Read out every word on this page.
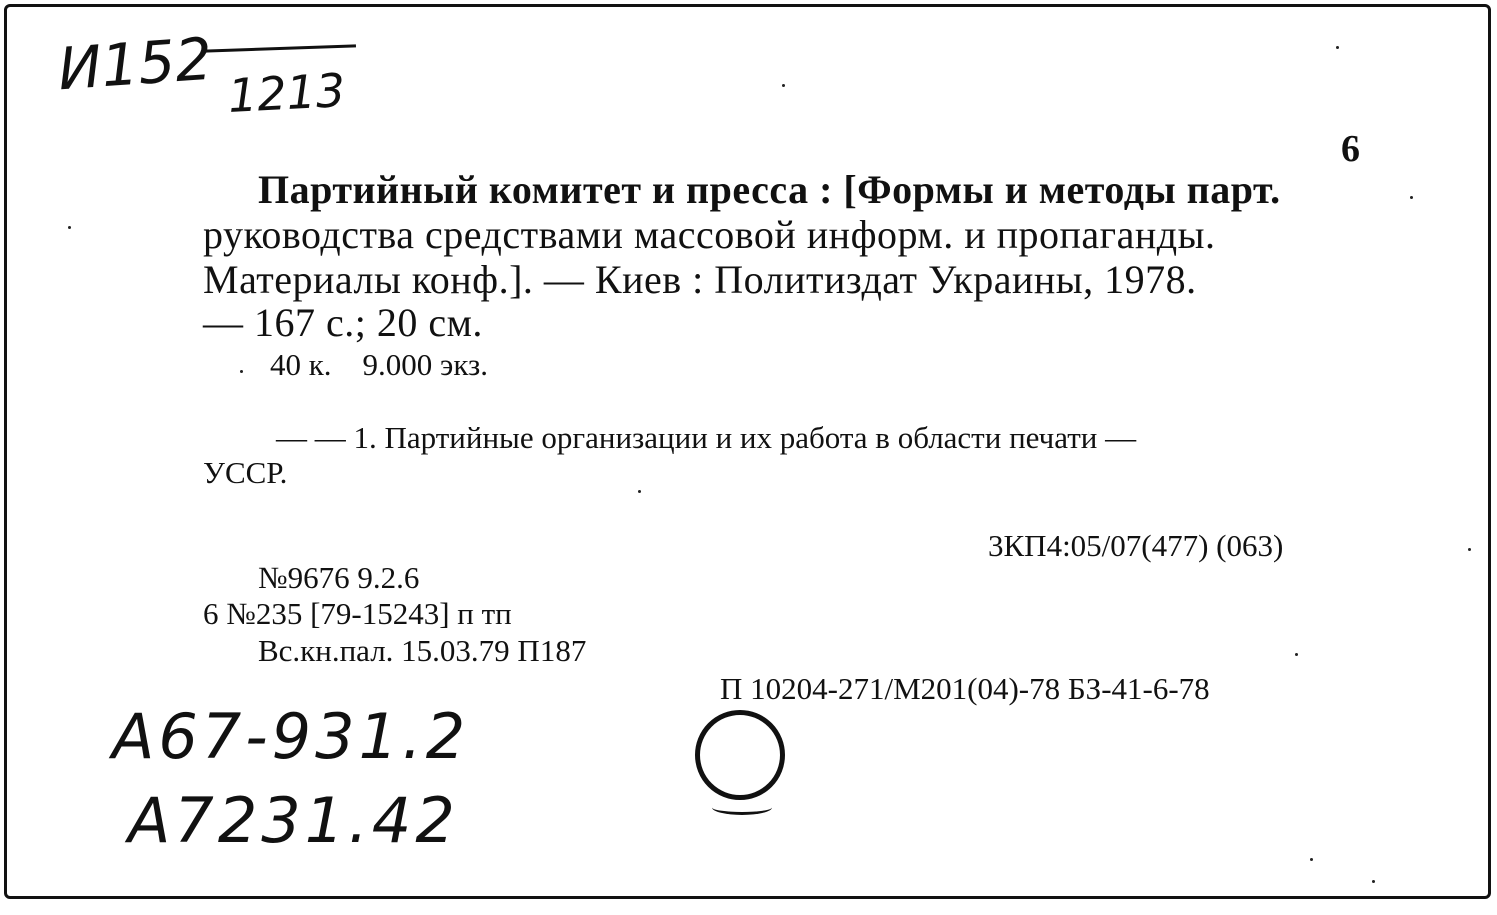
И152 1213
6
Партийный комитет и пресса : [Формы и методы парт.
руководства средствами массовой информ. и пропаганды.
Материалы конф.]. — Киев : Политиздат Украины, 1978.
— 167 с.; 20 см.
40 к.    9.000 экз.
— — 1. Партийные организации и их работа в области печати —
УССР.
3КП4:05/07(477) (063)
№9676 9.2.6
6 №235 [79-15243] п тп
Вс.кн.пал. 15.03.79 П187
П 10204-271/М201(04)-78 БЗ-41-6-78
А67-931.2
А7231.42
